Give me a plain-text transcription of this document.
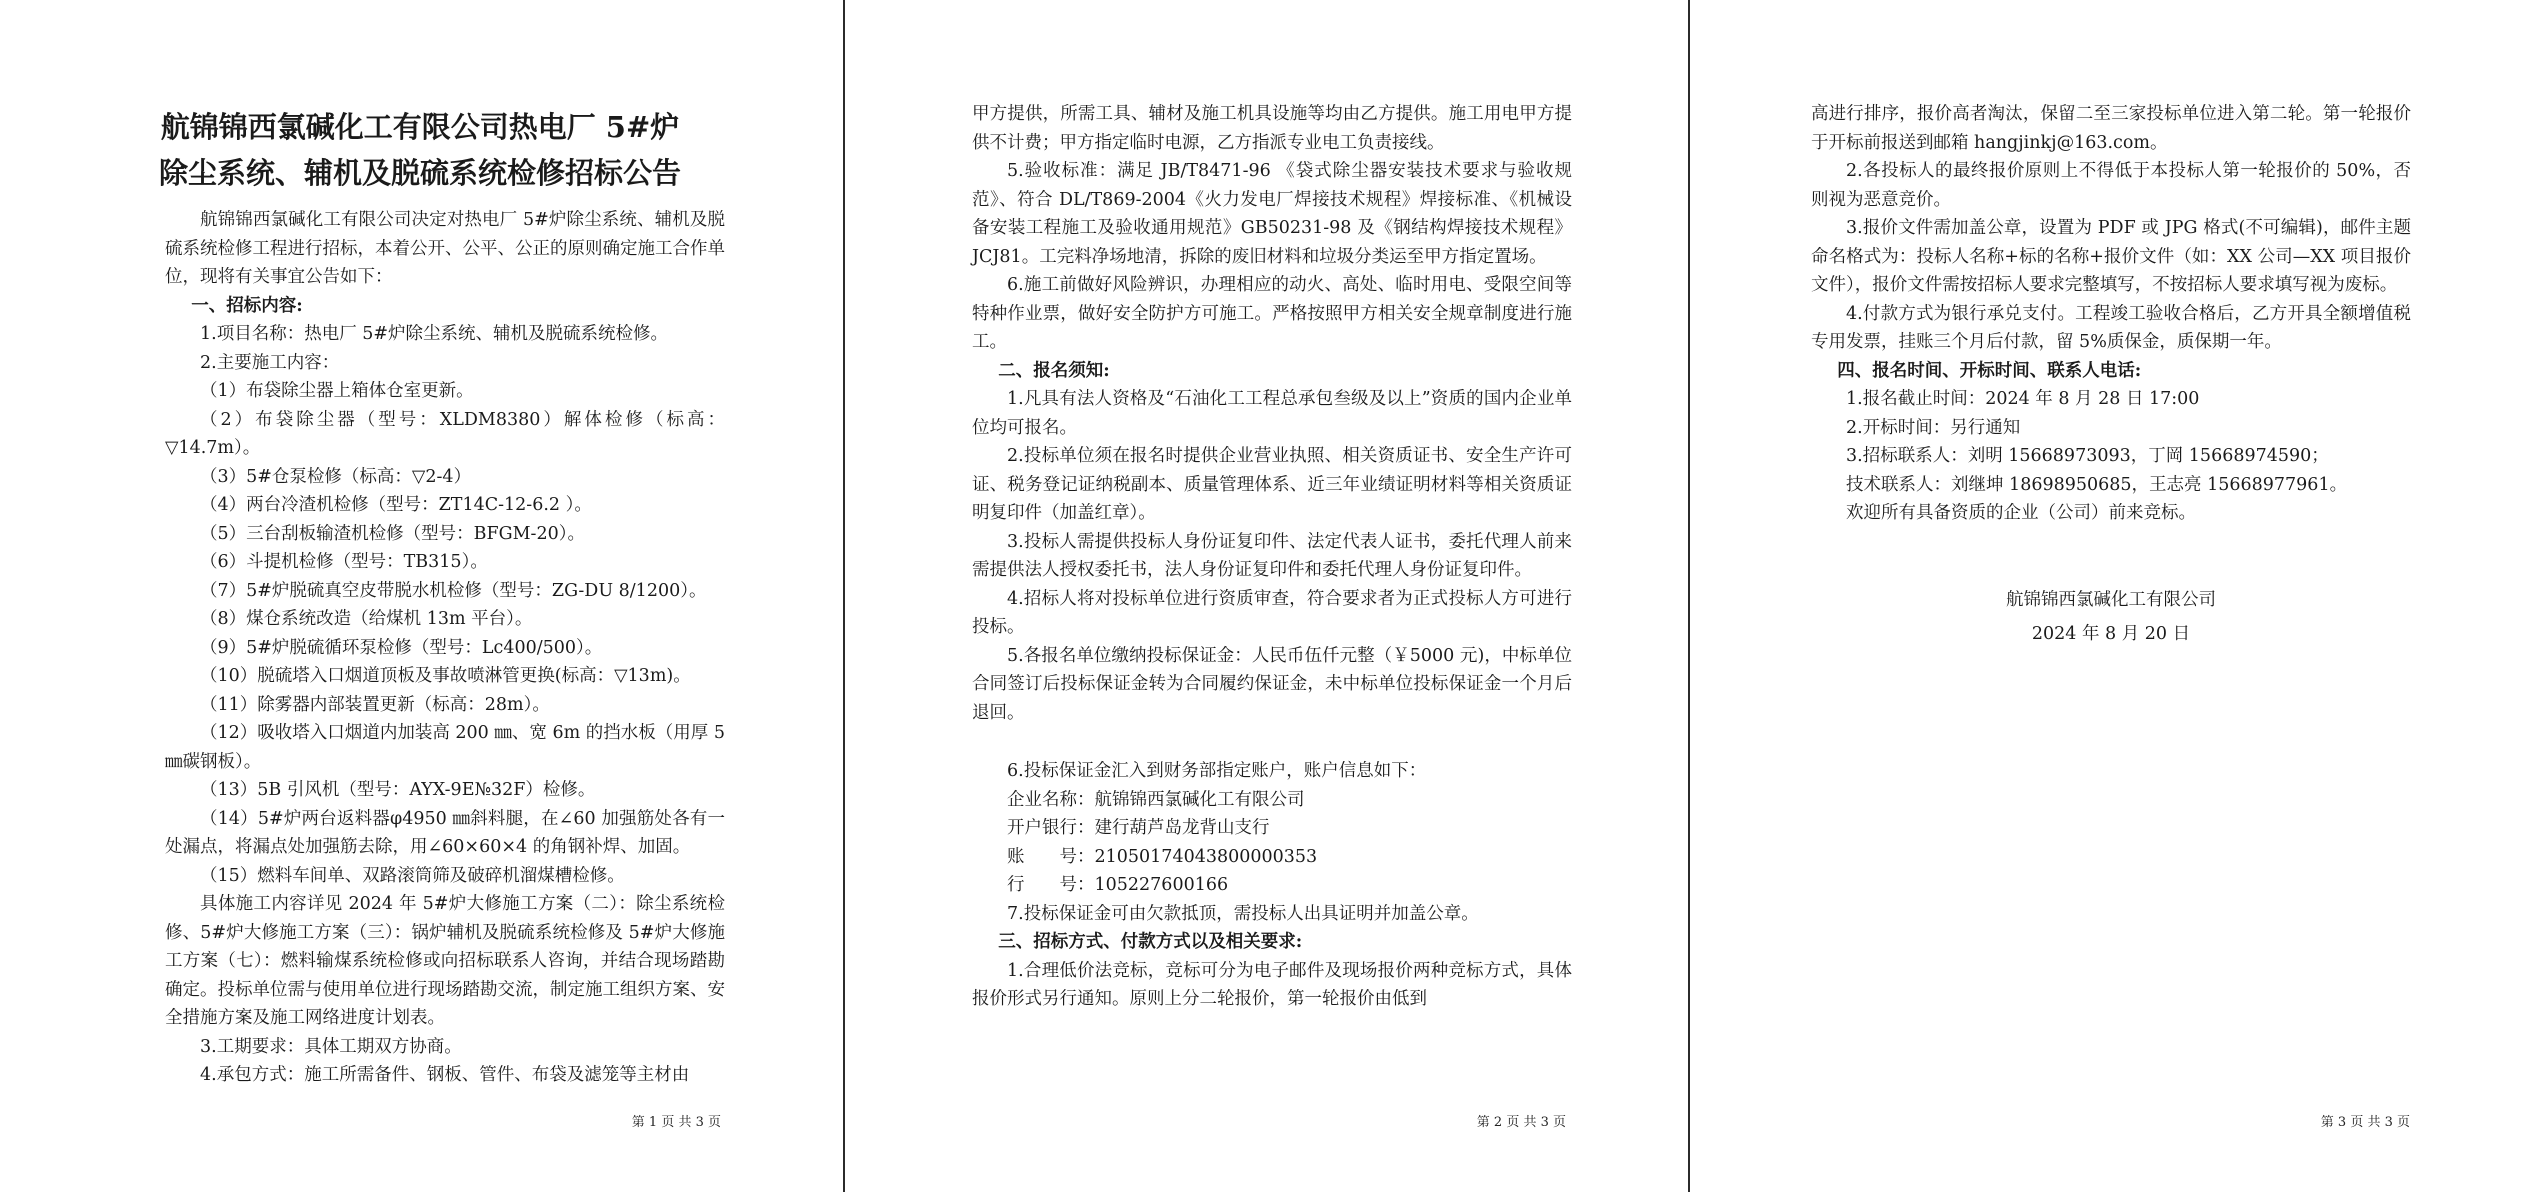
航锦锦西氯碱化工有限公司热电厂 5#炉
除尘系统、辅机及脱硫系统检修招标公告

航锦锦西氯碱化工有限公司决定对热电厂 5#炉除尘系统、辅机及脱硫系统检修工程进行招标，本着公开、公平、公正的原则确定施工合作单位，现将有关事宜公告如下：

一、招标内容:

1.项目名称：热电厂 5#炉除尘系统、辅机及脱硫系统检修。

2.主要施工内容：

（1）布袋除尘器上箱体仓室更新。

（2）布袋除尘器（型号：XLDM8380）解体检修（标高：▽14.7m）。

（3）5#仓泵检修（标高：▽2-4）

（4）两台冷渣机检修（型号：ZT14C-12-6.2 ）。

（5）三台刮板输渣机检修（型号：BFGM-20）。

（6）斗提机检修（型号：TB315）。

（7）5#炉脱硫真空皮带脱水机检修（型号：ZG-DU 8/1200）。

（8）煤仓系统改造（给煤机 13m 平台）。

（9）5#炉脱硫循环泵检修（型号：Lc400/500）。

（10）脱硫塔入口烟道顶板及事故喷淋管更换(标高：▽13m)。

（11）除雾器内部装置更新（标高：28m）。

（12）吸收塔入口烟道内加装高 200 ㎜、宽 6m 的挡水板（用厚 5 ㎜碳钢板）。

（13）5B 引风机（型号：AYX-9E№32F）检修。

（14）5#炉两台返料器φ4950 ㎜斜料腿，在∠60 加强筋处各有一处漏点，将漏点处加强筋去除，用∠60×60×4 的角钢补焊、加固。

（15）燃料车间单、双路滚筒筛及破碎机溜煤槽检修。

具体施工内容详见 2024 年 5#炉大修施工方案（二）：除尘系统检修、5#炉大修施工方案（三）：锅炉辅机及脱硫系统检修及 5#炉大修施工方案（七）：燃料输煤系统检修或向招标联系人咨询，并结合现场踏勘确定。投标单位需与使用单位进行现场踏勘交流，制定施工组织方案、安全措施方案及施工网络进度计划表。

3.工期要求：具体工期双方协商。

4.承包方式：施工所需备件、钢板、管件、布袋及滤笼等主材由

第 1 页 共 3 页

甲方提供，所需工具、辅材及施工机具设施等均由乙方提供。施工用电甲方提供不计费；甲方指定临时电源，乙方指派专业电工负责接线。

5.验收标准：满足 JB/T8471-96 《袋式除尘器安装技术要求与验收规范》、符合 DL/T869-2004《火力发电厂焊接技术规程》焊接标准、《机械设备安装工程施工及验收通用规范》GB50231-98 及《钢结构焊接技术规程》JCJ81。工完料净场地清，拆除的废旧材料和垃圾分类运至甲方指定置场。

6.施工前做好风险辨识，办理相应的动火、高处、临时用电、受限空间等特种作业票，做好安全防护方可施工。严格按照甲方相关安全规章制度进行施工。

二、报名须知:

1.凡具有法人资格及“石油化工工程总承包叁级及以上”资质的国内企业单位均可报名。

2.投标单位须在报名时提供企业营业执照、相关资质证书、安全生产许可证、税务登记证纳税副本、质量管理体系、近三年业绩证明材料等相关资质证明复印件（加盖红章）。

3.投标人需提供投标人身份证复印件、法定代表人证书，委托代理人前来需提供法人授权委托书，法人身份证复印件和委托代理人身份证复印件。

4.招标人将对投标单位进行资质审查，符合要求者为正式投标人方可进行投标。

5.各报名单位缴纳投标保证金：人民币伍仟元整（￥5000 元)，中标单位合同签订后投标保证金转为合同履约保证金，未中标单位投标保证金一个月后退回。

6.投标保证金汇入到财务部指定账户，账户信息如下：

企业名称：航锦锦西氯碱化工有限公司

开户银行：建行葫芦岛龙背山支行

账　　号：21050174043800000353

行　　号：105227600166

7.投标保证金可由欠款抵顶，需投标人出具证明并加盖公章。

三、招标方式、付款方式以及相关要求:

1.合理低价法竞标，竞标可分为电子邮件及现场报价两种竞标方式，具体报价形式另行通知。原则上分二轮报价，第一轮报价由低到

第 2 页 共 3 页

高进行排序，报价高者淘汰，保留二至三家投标单位进入第二轮。第一轮报价于开标前报送到邮箱 hangjinkj@163.com。

2.各投标人的最终报价原则上不得低于本投标人第一轮报价的 50%，否则视为恶意竞价。

3.报价文件需加盖公章，设置为 PDF 或 JPG 格式(不可编辑)，邮件主题命名格式为：投标人名称+标的名称+报价文件（如：XX 公司—XX 项目报价文件），报价文件需按招标人要求完整填写，不按招标人要求填写视为废标。

4.付款方式为银行承兑支付。工程竣工验收合格后，乙方开具全额增值税专用发票，挂账三个月后付款，留 5%质保金，质保期一年。

四、报名时间、开标时间、联系人电话:

1.报名截止时间：2024 年 8 月 28 日 17:00

2.开标时间：另行通知

3.招标联系人：刘明 15668973093，丁岡 15668974590；

技术联系人：刘继坤 18698950685，王志亮 15668977961。

欢迎所有具备资质的企业（公司）前来竞标。

航锦锦西氯碱化工有限公司

2024 年 8 月 20 日

第 3 页 共 3 页
